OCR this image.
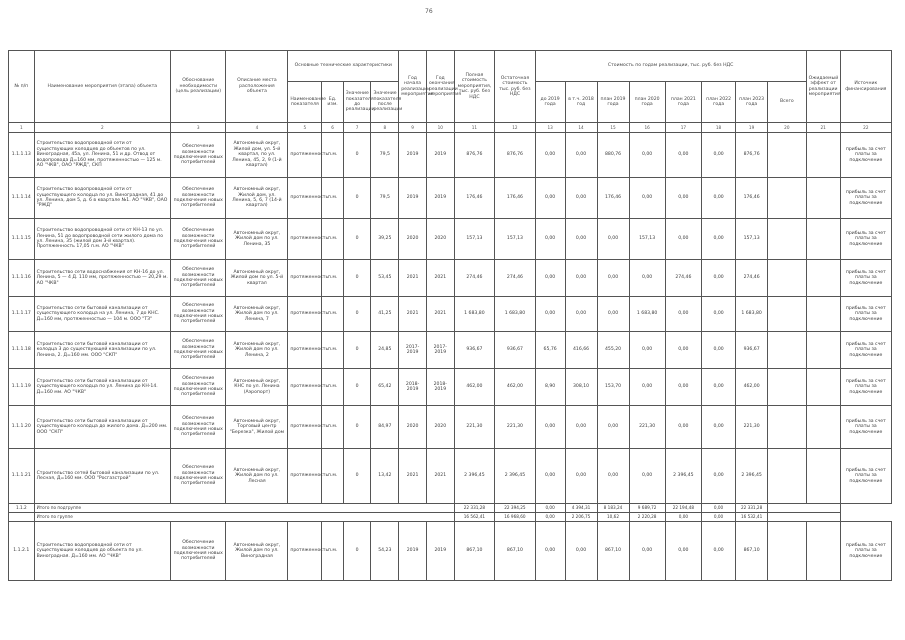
76
№ п/п	Наименование мероприятия (этапа) объекта	Обоснование необходимости (цель реализации)	Описание места расположения объекта	Основные технические характеристики				Год начала реализации мероприятия	Год окончания реализации мероприятия	Полная стоимость мероприятия, тыс. руб. без НДС	Остаточная стоимость тыс. руб. без НДС	Стоимость по годам реализации, тыс. руб. без НДС								Ожидаемый эффект от реализации мероприятия	Источник финансирования
				Наименование показателя	Ед. изм.	Значение показателя до реализации	Значение показателя после реализации					до 2019 года	в т.ч. 2018 год	план 2019 года	план 2020 года	план 2021 года	план 2022 года	план 2023 года	Всего		
1	2	3	4	5	6	7	8	9	10	11	12	13	14	15	16	17	18	19	20	21	22
1.1.1.13	Строительство водопроводной сети от существующих колодцев до объектов по ул. Виноградная, 45а, ул. Ленина, 51 и др. Отвод от водопровода Д=160 мм, протяженностью — 125 м. АО "ЧКВ", ОАО "РЖД", СКП	Обеспечение возможности подключения новых потребителей	Автономный округ, Жилой дом, ул. 5-й квартал, по ул. Ленина, 45, 2, 9 (1-й квартал)	протяженность	п.м.	0	79,5	2019	2019	876,76	876,76	0,00	0,00	880,76	0,00	0,00	0,00	876,76			прибыль за счет платы за подключение
1.1.1.14	Строительство водопроводной сети от существующего колодца по ул. Виноградная, 41 до ул. Ленина, дом 5, д. 6 в квартале №1. АО "ЧКВ", ОАО "РЖД"	Обеспечение возможности подключения новых потребителей	Автономный округ, Жилой дом, ул. Ленина, 5, 6, 7 (14-й квартал)	протяженность	п.м.	0	79,5	2019	2019	176,46	176,46	0,00	0,00	176,46	0,00	0,00	0,00	176,46			прибыль за счет платы за подключение
1.1.1.15	Строительство водопроводной сети от КН-13 по ул. Ленина, 51 до водопроводной сети жилого дома по ул. Ленина, 35 (жилой дом 3-й квартал). Протяженность 17,05 п.м. АО "ЧКВ"	Обеспечение возможности подключения новых потребителей	Автономный округ, Жилой дом по ул. Ленина, 35	протяженность	п.м.	0	39,25	2020	2020	157,13	157,13	0,00	0,00	0,00	157,13	0,00	0,00	157,13			прибыль за счет платы за подключение
1.1.1.16	Строительство сети водоснабжения от КН-16 до ул. Ленина, 5 — 4 Д. 110 мм, протяженностью — 20,29 м. АО "ЧКВ"	Обеспечение возможности подключения новых потребителей	Автономный округ, Жилой дом по ул. 5-й квартал	протяженность	п.м.	0	53,45	2021	2021	274,46	274,46	0,00	0,00	0,00	0,00	274,46	0,00	274,46			прибыль за счет платы за подключение
1.1.1.17	Строительство сети бытовой канализации от существующего колодца на ул. Ленина, 7 до КНС. Д=160 мм, протяженностью — 104 м. ООО "ТЗ"	Обеспечение возможности подключения новых потребителей	Автономный округ, Жилой дом по ул. Ленина, 7	протяженность	п.м.	0	41,25	2021	2021	1 683,80	1 683,80	0,00	0,00	0,00	1 683,80	0,00	0,00	1 683,80			прибыль за счет платы за подключение
1.1.1.18	Строительство сети бытовой канализации от колодца 3 до существующей канализации по ул. Ленина, 2. Д=160 мм. ООО "СКП"	Обеспечение возможности подключения новых потребителей	Автономный округ, Жилой дом по ул. Ленина, 2	протяженность	п.м.	0	24,85	2017-2019	2017-2019	936,67	936,67	65,76	416,66	455,20	0,00	0,00	0,00	936,67			прибыль за счет платы за подключение
1.1.1.19	Строительство сети бытовой канализации от существующего колодца по ул. Ленина до КН-14. Д=160 мм. АО "ЧКВ"	Обеспечение возможности подключения новых потребителей	Автономный округ, КНС по ул. Ленина (Аэропорт)	протяженность	п.м.	0	65,42	2018-2019	2018-2019	462,00	462,00	8,90	308,10	153,70	0,00	0,00	0,00	462,00			прибыль за счет платы за подключение
1.1.1.20	Строительство сети бытовой канализации от существующего колодца до жилого дома. Д=200 мм. ООО "СКП"	Обеспечение возможности подключения новых потребителей	Автономный округ, Торговый центр "Березка", Жилой дом	протяженность	п.м.	0	84,97	2020	2020	221,30	221,30	0,00	0,00	0,00	221,30	0,00	0,00	221,30			прибыль за счет платы за подключение
1.1.1.21	Строительство сетей бытовой канализации по ул. Лесная, Д=160 мм. ООО "Росгазстрой"	Обеспечение возможности подключения новых потребителей	Автономный округ, Жилой дом по ул. Лесная	протяженность	п.м.	0	13,42	2021	2021	2 396,45	2 396,45	0,00	0,00	0,00	0,00	2 396,45	0,00	2 396,45			прибыль за счет платы за подключение
1.1.2	Итого по подгруппе									22 331,28	22 394,25	0,00	4 394,31	8 183,24	9 689,72	22 194,48	0,00	22 331,28			
	Итого по группе									16 562,41	16 968,60	0,00	2 206,75	10,62	2 220,28	0,00	0,00	16 532,41			
1.1.2.1	Строительство водопроводной сети от существующих колодцев до объекта по ул. Виноградная. Д=160 мм. АО "ЧКВ"	Обеспечение возможности подключения новых потребителей	Автономный округ, Жилой дом по ул. Виноградная	протяженность	п.м.	0	54,23	2019	2019	867,10	867,10	0,00	0,00	867,10	0,00	0,00	0,00	867,10			прибыль за счет платы за подключение
